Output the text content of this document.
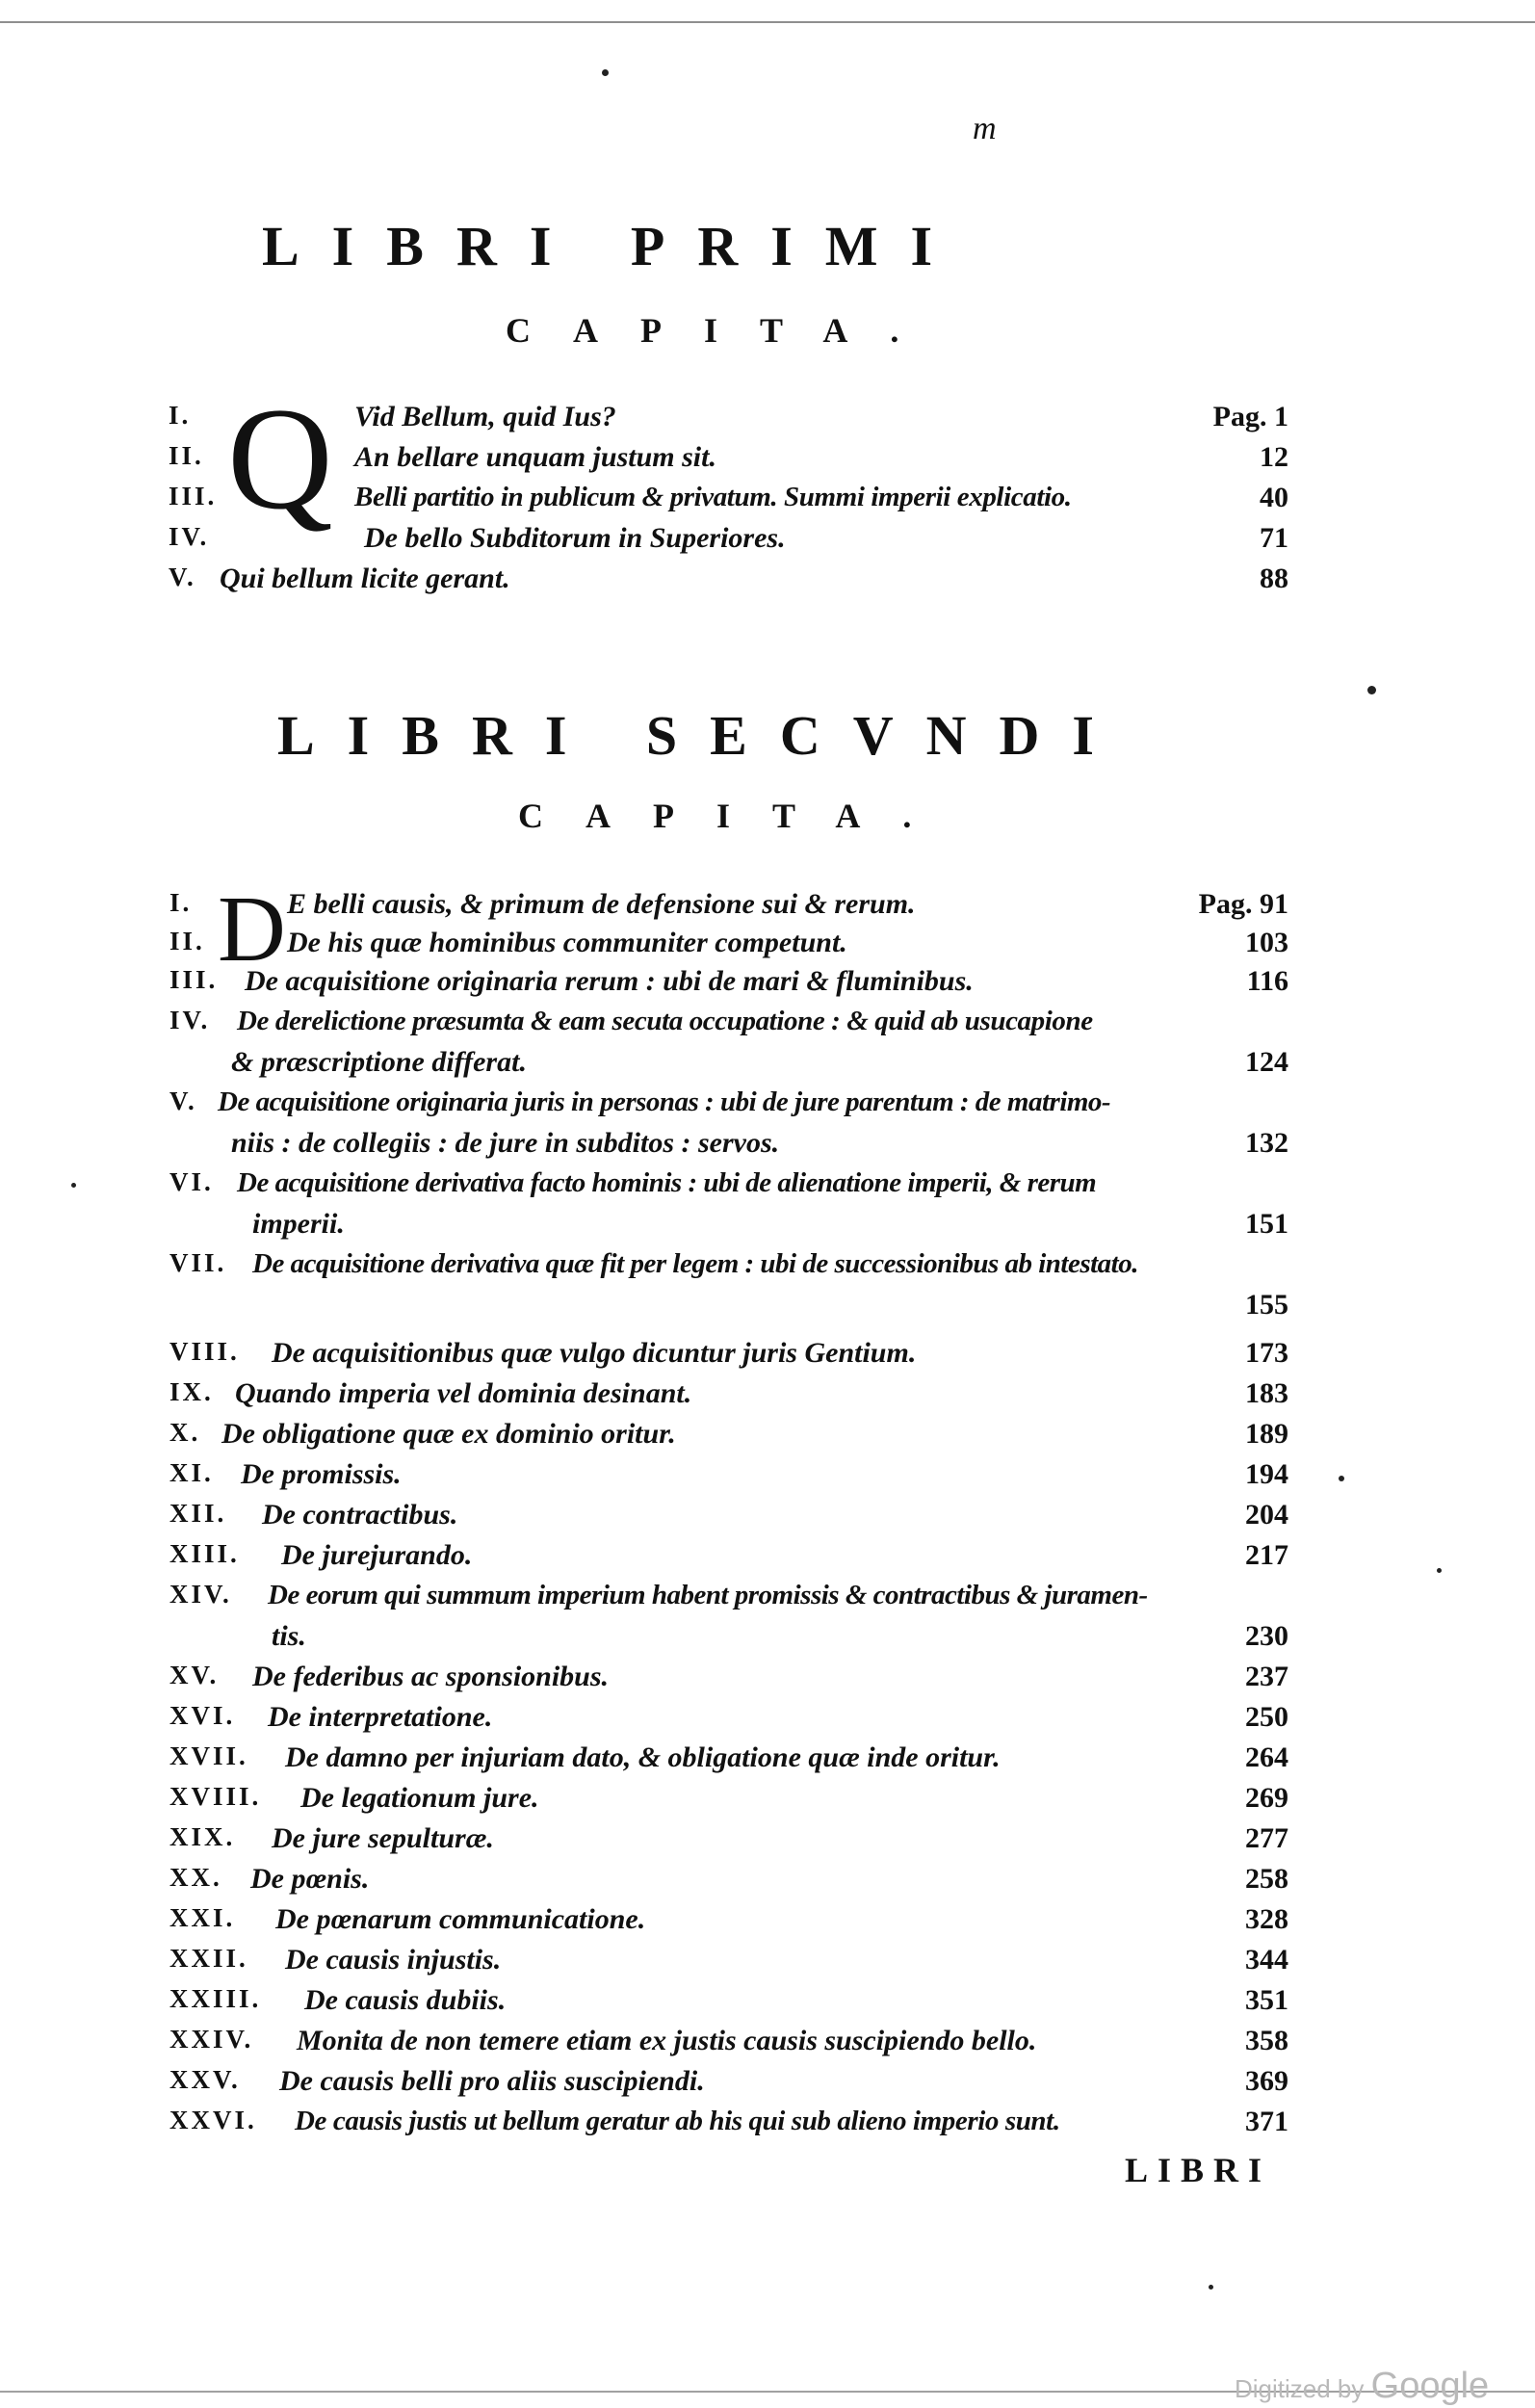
m
LIBRI PRIMI
CAPITA.
Q
I.	Vid Bellum, quid Ius?	Pag. 1
II.	An bellare unquam justum sit.	12
III.	Belli partitio in publicum & privatum. Summi imperii explicatio.	40
IV.	De bello Subditorum in Superiores.	71
V. Qui bellum licite gerant.	88
LIBRI SECVNDI
CAPITA.
D
I.	E belli causis, & primum de defensione sui & rerum.	Pag. 91
II.	De his quæ hominibus communiter competunt.	103
III. De acquisitione originaria rerum : ubi de mari & fluminibus.	116
IV. De derelictione præsumta & eam secuta occupatione : & quid ab usucapione
& præscriptione differat.	124
V. De acquisitione originaria juris in personas : ubi de jure parentum : de matrimo-
niis : de collegiis : de jure in subditos : servos.	132
VI. De acquisitione derivativa facto hominis : ubi de alienatione imperii, & rerum
imperii.	151
VII. De acquisitione derivativa quæ fit per legem : ubi de successionibus ab intestato.
155
VIII. De acquisitionibus quæ vulgo dicuntur juris Gentium.	173
IX. Quando imperia vel dominia desinant.	183
X. De obligatione quæ ex dominio oritur.	189
XI. De promissis.	194
XII. De contractibus.	204
XIII. De jurejurando.	217
XIV. De eorum qui summum imperium habent promissis & contractibus & juramen-
tis.	230
XV. De federibus ac sponsionibus.	237
XVI. De interpretatione.	250
XVII. De damno per injuriam dato, & obligatione quæ inde oritur.	264
XVIII. De legationum jure.	269
XIX. De jure sepulturæ.	277
XX. De pœnis.	258
XXI. De pœnarum communicatione.	328
XXII. De causis injustis.	344
XXIII. De causis dubiis.	351
XXIV. Monita de non temere etiam ex justis causis suscipiendo bello.	358
XXV. De causis belli pro aliis suscipiendi.	369
XXVI. De causis justis ut bellum geratur ab his qui sub alieno imperio sunt.	371
LIBRI
Digitized by Google
